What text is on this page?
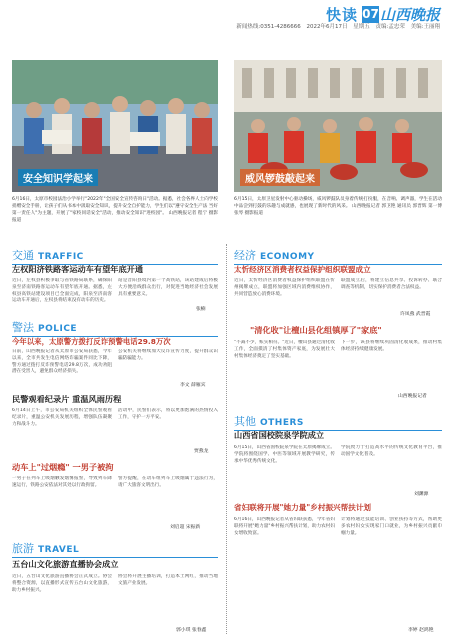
快读 07 山西晚报
新闻热线:0351-4286666 2022年6月17日 星期五 责编:孟忠荣 美编:王丽翔
安全知识学起来	威风锣鼓敲起来
6月16日，太原市校园法治小学举行"2022年"全国安全宣传咨询日"活动。据悉，社会各界人士向学校捐赠安全手册，让孩子们从书本中汲取安全知识，提升安全自护能力，学生们以"遵守安全生产法 当好第一责任人"为主题，开展了"家校同话安全"活动，推动安全知识"进校园"。 山西晚报记者 程宁 摄影报道
6月15日，太原卫星发射中心驱动操场，威风锣鼓队员身着传统打扮服，在音响、调声器，学生在活动中品尝到打鼓的乐趣与成就感，也展现了新时代的风采。 山西晚报记者 郭卫艳 通讯员 郭晋辉 第一博 张琴 摄影报道
交通 TRAFFIC
左权阳济铁路客运动车有望年底开通
近日，左权县积极争取与省铁路局联系，确保阳泉至济南铁路客运动车有望年底开通。据悉，左权县高铁站建设项目已全面完成，阳泉至济南客运动车开通后，左权县将结束没有动车的历史。
站是昔阳县境内第一个高铁站，该站建成后将极大方便沿线群众出行，对促进当地经济社会发展具有重要意义。
张楠
警法 POLICE
今年以来，太原警方拨打反诈预警电话29.8万次
日前，山西晚报记者从太原市公安局获悉，今年以来，全市共发生电信网络诈骗案件同比下降，警方通过拨打反诈预警电话29.8万次，成功劝阻潜在受害人，避免群众经济损失。
公安机关将继续加大反诈宣传力度，提升群众识骗防骗能力。
李文 薛雁宾
民警观看纪录片 重温风雨历程
6月14日上午，市公安局机关组织全体民警观看纪录片，重温公安机关发展历程，增强队伍凝聚力和战斗力。
活动中，民警们表示，将以更加饱满的热情投入工作，守护一方平安。
贾燕龙
动车上"过烟瘾" 一男子被拘
一男子在列车上吸烟触发烟雾报警，导致列车降速运行，铁路公安依法对其处以行政拘留。
警方提醒，在动车组列车上吸烟属于违法行为，请广大旅客文明出行。
刘启超 宋振新
旅游 TRAVEL
五台山文化旅游直播协会成立
近日，五台山文化旅游直播协会正式成立。协会将整合资源，以直播形式宣传五台山文化旅游，助力乡村振兴。
协会将开展主播培训，打造本土网红，推动当地文旅产业发展。
郭小琪 张春鑫
经济 ECONOMY
太忻经济区消费者权益保护组织联盟成立
近日，太忻经济区消费者权益保护组织联盟在忻州揭牌成立，联盟将加强区域内消费维权协作，共同营造放心消费环境。
联盟成立后，将建立信息共享、投诉转办、联合调查等机制，切实保护消费者合法权益。
许凤燕 武晋霞
"清化收"让檀山县化组镇厚了"家底"
"不减不少，账实相符。"近日，檀山县通过清化收工作，全面摸清了村集体资产家底，为发展壮大村集体经济奠定了坚实基础。
下一步，该县将继续巩固清化收成果，推动村集体经济持续健康发展。
山西晚报记者
其他 OTHERS
山西省国校院泉学院成立
6月15日，山西省国校院泉学院在太原揭牌成立。学院将围绕国学、中医等领域开展教学研究，传承中华优秀传统文化。
学院致力于打造高水平的传统文化教育平台，推动国学文化普及。
刘渊源
省妇联将开展"她力量"乡村振兴帮扶计划
6月16日，山西晚报记者从省妇联获悉，今年省妇联将开展"她力量"乡村振兴帮扶计划，助力农村妇女增收致富。
计划将通过技能培训、创业扶持等方式，帮助更多农村妇女实现家门口就业，为乡村振兴贡献巾帼力量。
李婷 赵鸿艳
